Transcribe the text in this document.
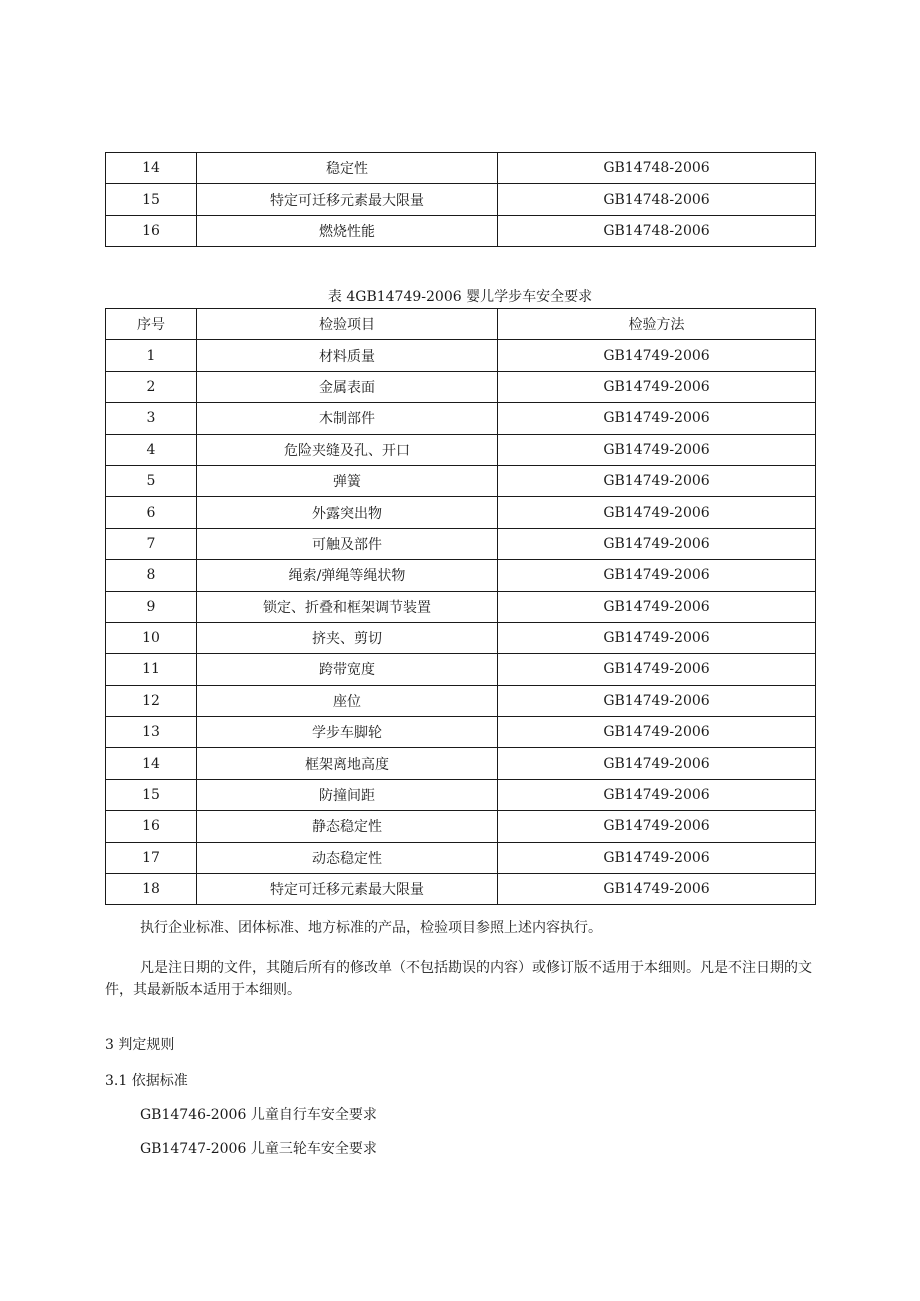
14	稳定性	GB14748-2006
15	特定可迁移元素最大限量	GB14748-2006
16	燃烧性能	GB14748-2006
表 4GB14749-2006 婴儿学步车安全要求
序号	检验项目	检验方法
1	材料质量	GB14749-2006
2	金属表面	GB14749-2006
3	木制部件	GB14749-2006
4	危险夹缝及孔、开口	GB14749-2006
5	弹簧	GB14749-2006
6	外露突出物	GB14749-2006
7	可触及部件	GB14749-2006
8	绳索/弹绳等绳状物	GB14749-2006
9	锁定、折叠和框架调节装置	GB14749-2006
10	挤夹、剪切	GB14749-2006
11	跨带宽度	GB14749-2006
12	座位	GB14749-2006
13	学步车脚轮	GB14749-2006
14	框架离地高度	GB14749-2006
15	防撞间距	GB14749-2006
16	静态稳定性	GB14749-2006
17	动态稳定性	GB14749-2006
18	特定可迁移元素最大限量	GB14749-2006

执行企业标准、团体标准、地方标准的产品，检验项目参照上述内容执行。

凡是注日期的文件，其随后所有的修改单（不包括勘误的内容）或修订版不适用于本细则。凡是不注日期的文件，其最新版本适用于本细则。

3 判定规则
3.1 依据标准
GB14746-2006 儿童自行车安全要求
GB14747-2006 儿童三轮车安全要求
